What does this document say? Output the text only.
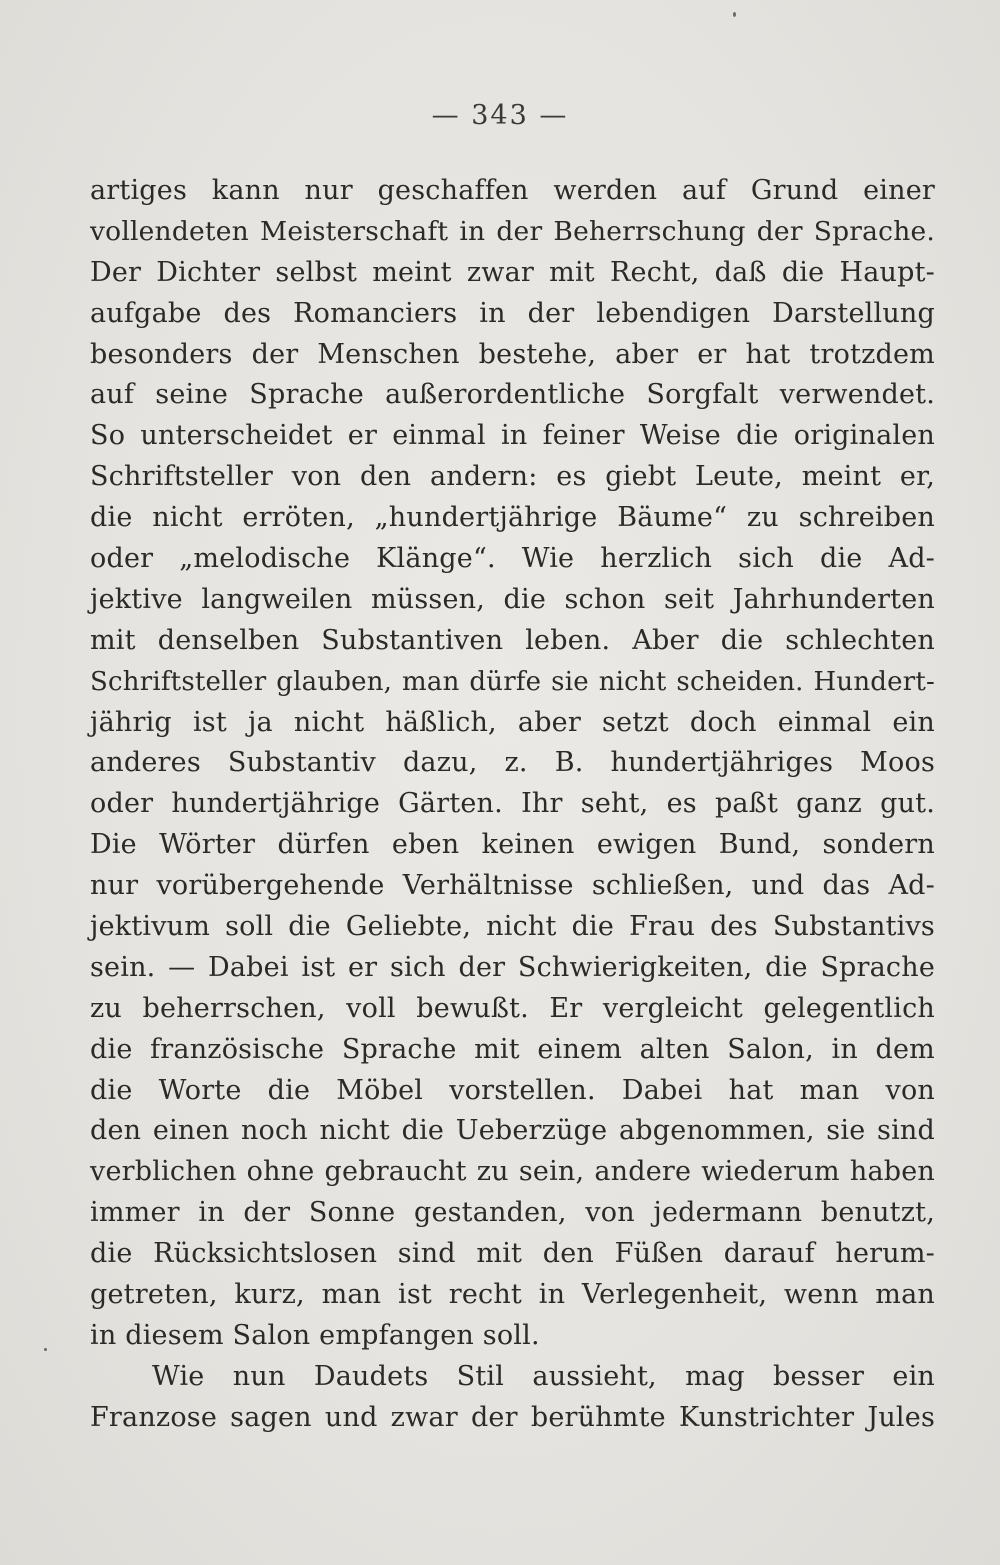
— 343 —
artiges kann nur geschaffen werden auf Grund einer
vollendeten Meisterschaft in der Beherrschung der Sprache.
Der Dichter selbst meint zwar mit Recht, daß die Haupt-
aufgabe des Romanciers in der lebendigen Darstellung
besonders der Menschen bestehe, aber er hat trotzdem
auf seine Sprache außerordentliche Sorgfalt verwendet.
So unterscheidet er einmal in feiner Weise die originalen
Schriftsteller von den andern: es giebt Leute, meint er,
die nicht erröten, „hundertjährige Bäume“ zu schreiben
oder „melodische Klänge“. Wie herzlich sich die Ad-
jektive langweilen müssen, die schon seit Jahrhunderten
mit denselben Substantiven leben. Aber die schlechten
Schriftsteller glauben, man dürfe sie nicht scheiden. Hundert-
jährig ist ja nicht häßlich, aber setzt doch einmal ein
anderes Substantiv dazu, z. B. hundertjähriges Moos
oder hundertjährige Gärten. Ihr seht, es paßt ganz gut.
Die Wörter dürfen eben keinen ewigen Bund, sondern
nur vorübergehende Verhältnisse schließen, und das Ad-
jektivum soll die Geliebte, nicht die Frau des Substantivs
sein. — Dabei ist er sich der Schwierigkeiten, die Sprache
zu beherrschen, voll bewußt. Er vergleicht gelegentlich
die französische Sprache mit einem alten Salon, in dem
die Worte die Möbel vorstellen. Dabei hat man von
den einen noch nicht die Ueberzüge abgenommen, sie sind
verblichen ohne gebraucht zu sein, andere wiederum haben
immer in der Sonne gestanden, von jedermann benutzt,
die Rücksichtslosen sind mit den Füßen darauf herum-
getreten, kurz, man ist recht in Verlegenheit, wenn man
in diesem Salon empfangen soll.
Wie nun Daudets Stil aussieht, mag besser ein
Franzose sagen und zwar der berühmte Kunstrichter Jules
